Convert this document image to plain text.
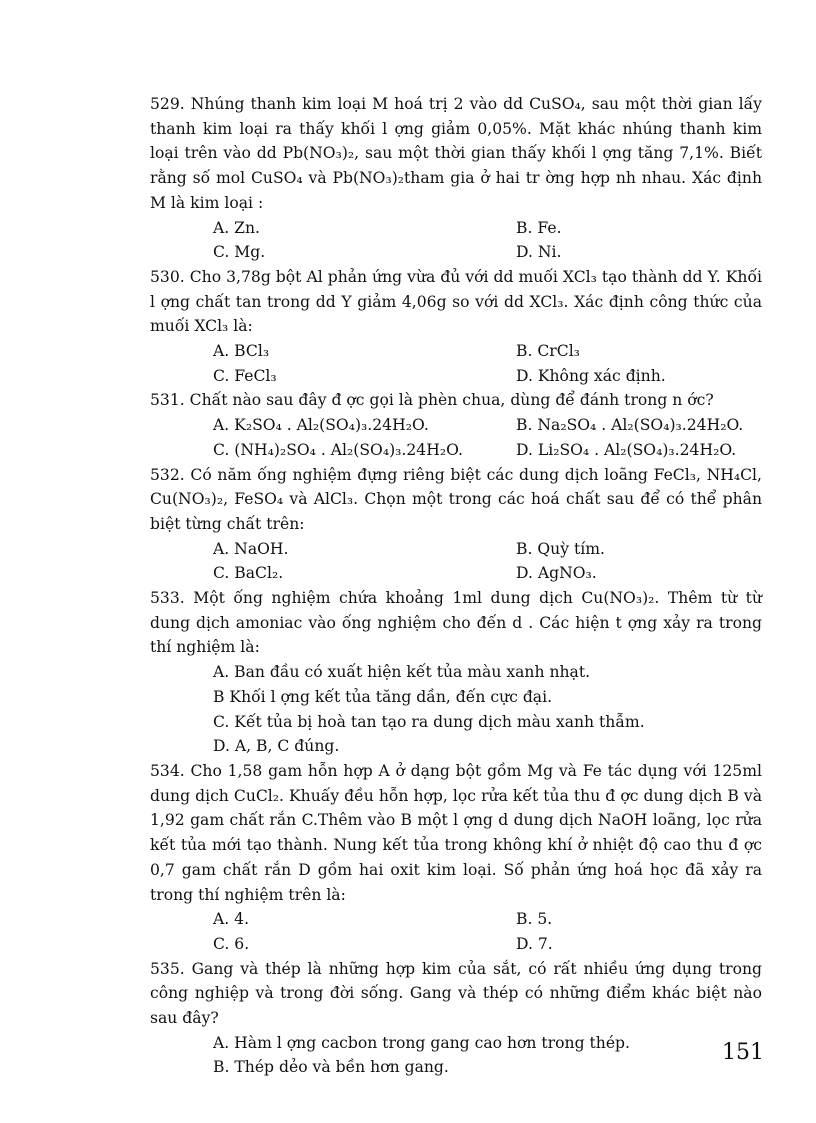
529. Nhúng thanh kim loại M hoá trị 2 vào dd CuSO₄, sau một thời gian lấy thanh kim loại ra thấy khối l ợng giảm 0,05%. Mặt khác nhúng thanh kim loại trên vào dd Pb(NO₃)₂, sau một thời gian thấy khối l ợng tăng 7,1%. Biết rằng số mol CuSO₄ và Pb(NO₃)₂tham gia ở hai tr ờng hợp nh nhau. Xác định M là kim loại :

A. Zn.	B. Fe.
C. Mg.	D. Ni.

530. Cho 3,78g bột Al phản ứng vừa đủ với dd muối XCl₃ tạo thành dd Y. Khối l ợng chất tan trong dd Y giảm 4,06g so với dd XCl₃. Xác định công thức của muối XCl₃ là:

A. BCl₃	B. CrCl₃
C. FeCl₃	D. Không xác định.

531. Chất nào sau đây đ ợc gọi là phèn chua, dùng để đánh trong n ớc?

A. K₂SO₄ . Al₂(SO₄)₃.24H₂O.	B. Na₂SO₄ . Al₂(SO₄)₃.24H₂O.
C. (NH₄)₂SO₄ . Al₂(SO₄)₃.24H₂O.	D. Li₂SO₄ . Al₂(SO₄)₃.24H₂O.

532. Có năm ống nghiệm đựng riêng biệt các dung dịch loãng FeCl₃, NH₄Cl, Cu(NO₃)₂, FeSO₄ và AlCl₃. Chọn một trong các hoá chất sau để có thể phân biệt từng chất trên:

A. NaOH.	B. Quỳ tím.
C. BaCl₂.	D. AgNO₃.

533. Một ống nghiệm chứa khoảng 1ml dung dịch Cu(NO₃)₂. Thêm từ từ dung dịch amoniac vào ống nghiệm cho đến d . Các hiện t ợng xảy ra trong thí nghiệm là:

A. Ban đầu có xuất hiện kết tủa màu xanh nhạt.
B Khối l ợng kết tủa tăng dần, đến cực đại.
C. Kết tủa bị hoà tan tạo ra dung dịch màu xanh thẫm.
D. A, B, C đúng.

534. Cho 1,58 gam hỗn hợp A ở dạng bột gồm Mg và Fe tác dụng với 125ml dung dịch CuCl₂. Khuấy đều hỗn hợp, lọc rửa kết tủa thu đ ợc dung dịch B và 1,92 gam chất rắn C.Thêm vào B một l ợng d dung dịch NaOH loãng, lọc rửa kết tủa mới tạo thành. Nung kết tủa trong không khí ở nhiệt độ cao thu đ ợc 0,7 gam chất rắn D gồm hai oxit kim loại. Số phản ứng hoá học đã xảy ra trong thí nghiệm trên là:

A. 4.	B. 5.
C. 6.	D. 7.

535. Gang và thép là những hợp kim của sắt, có rất nhiều ứng dụng trong công nghiệp và trong đời sống. Gang và thép có những điểm khác biệt nào sau đây?

A. Hàm l ợng cacbon trong gang cao hơn trong thép.
B. Thép dẻo và bền hơn gang.
151
